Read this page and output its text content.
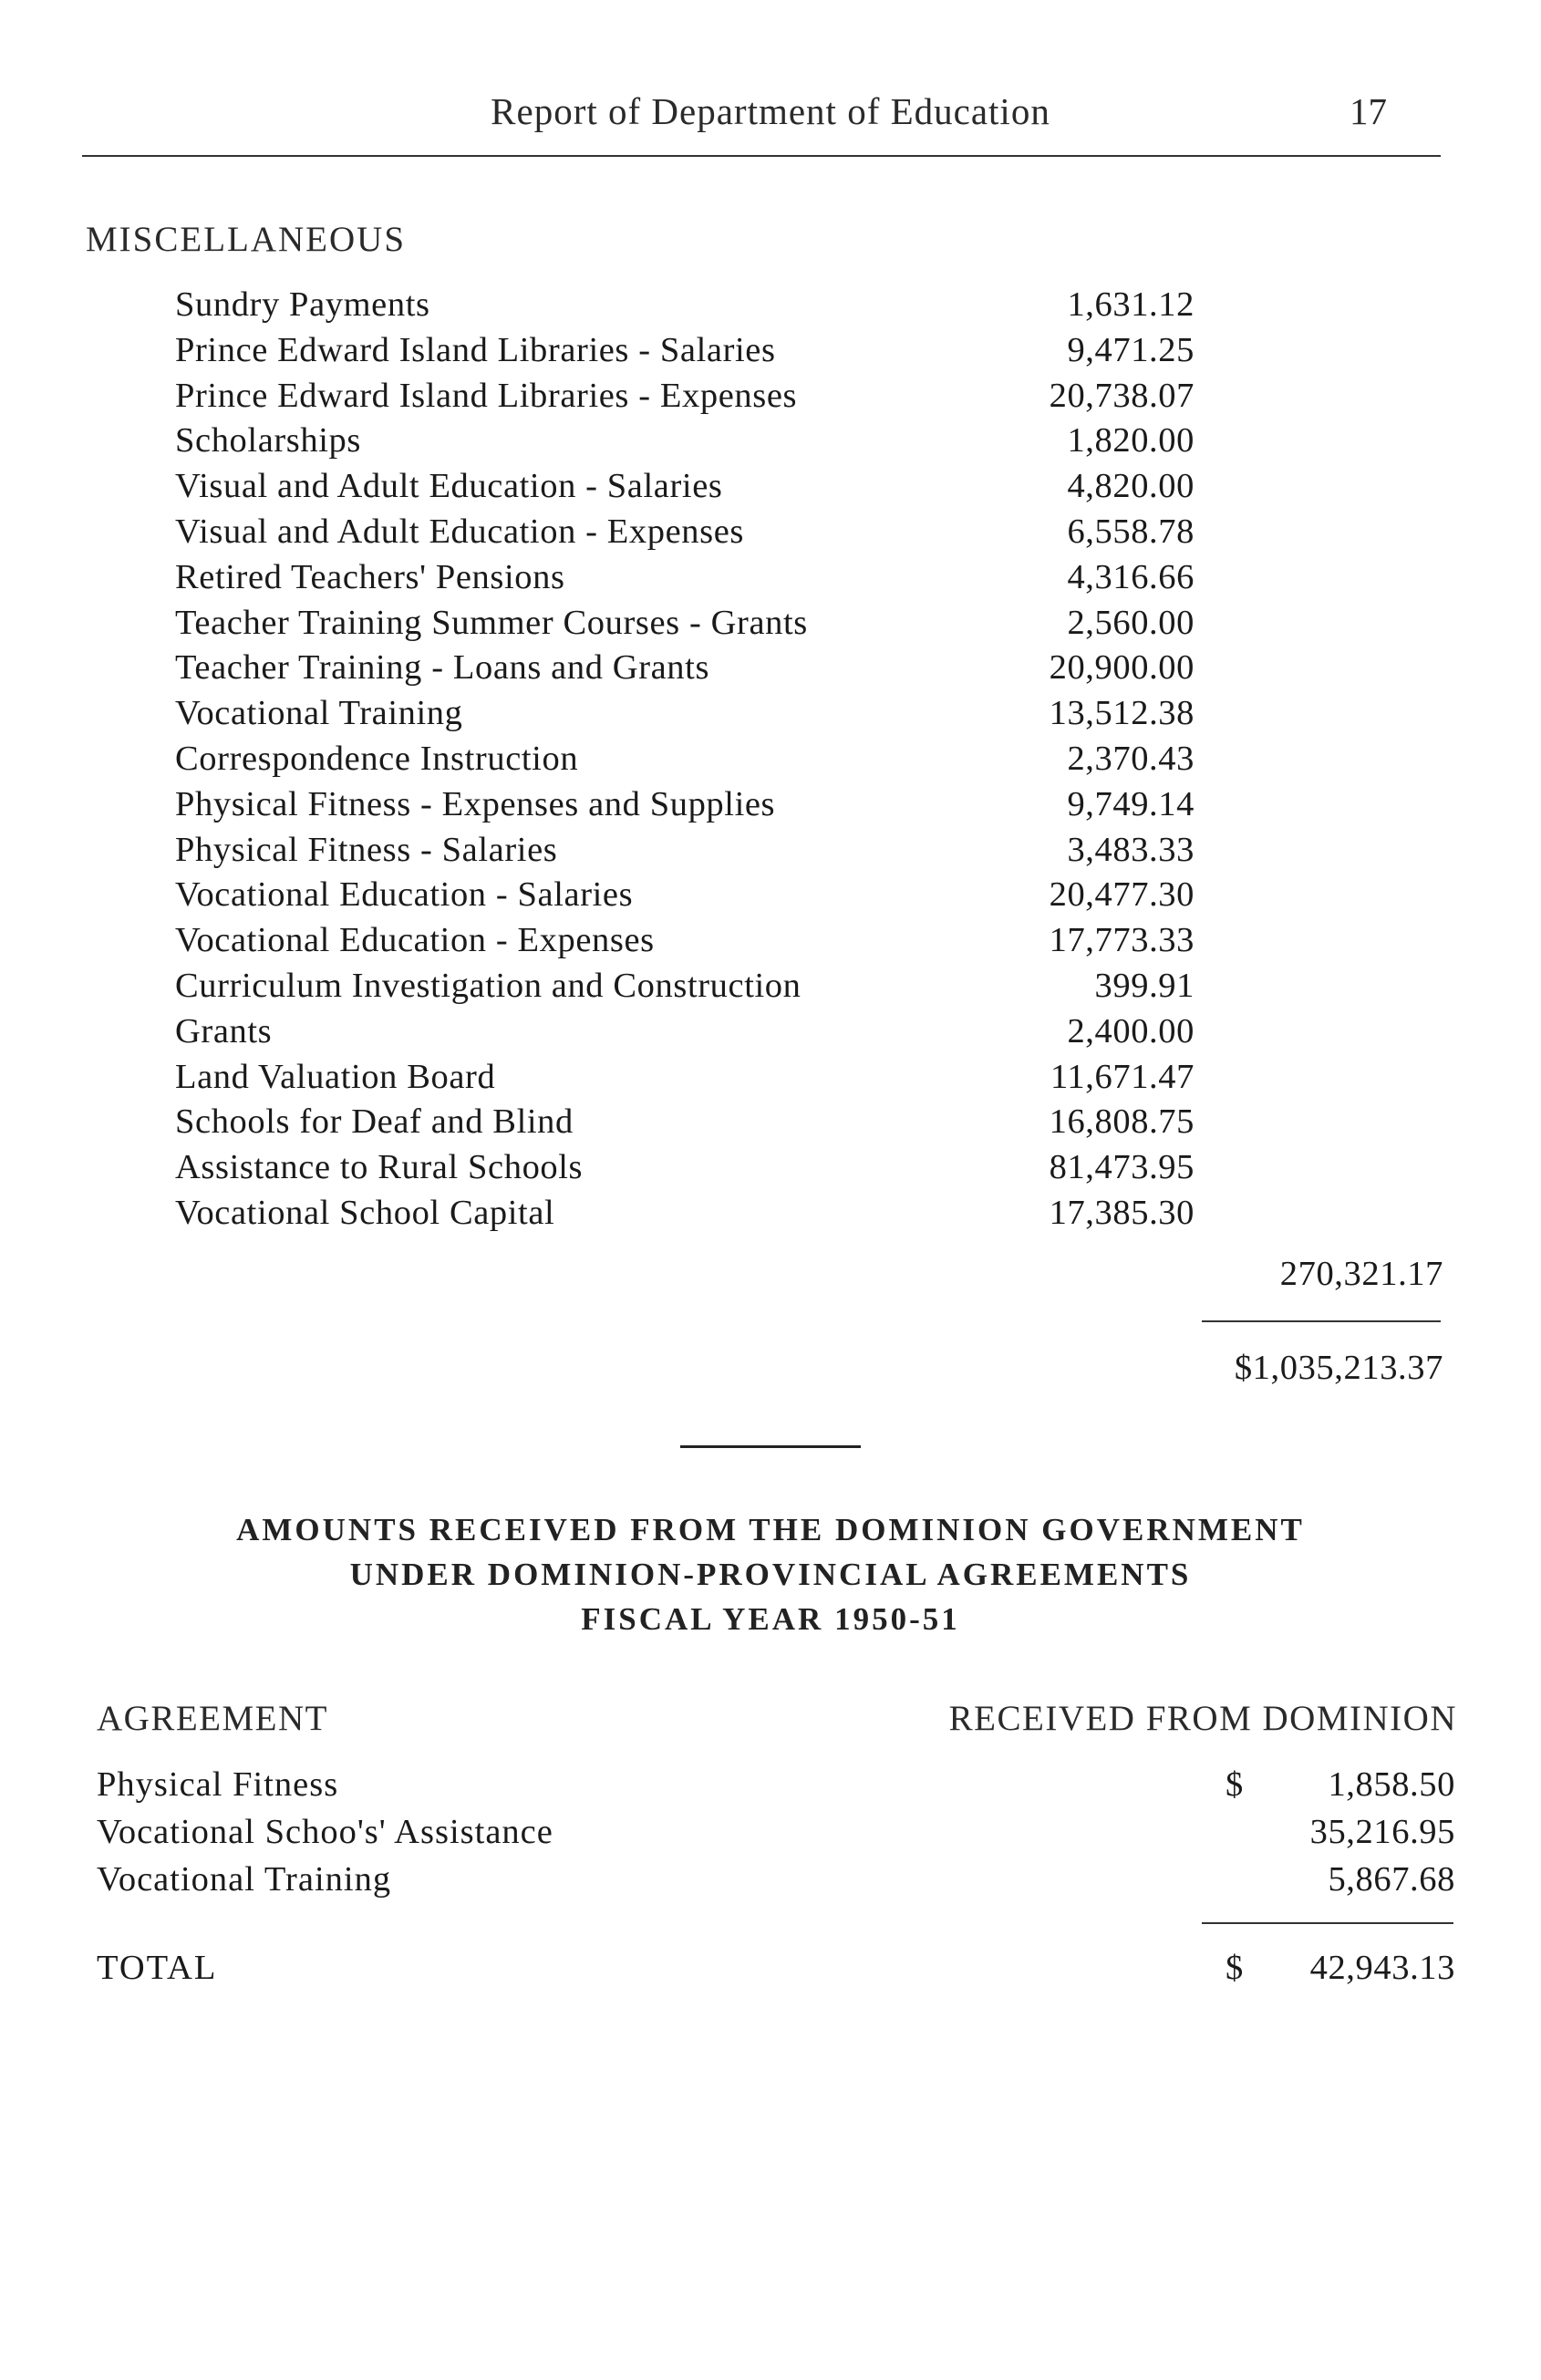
Report of Department of Education	17
MISCELLANEOUS
Sundry Payments	1,631.12
Prince Edward Island Libraries - Salaries	9,471.25
Prince Edward Island Libraries - Expenses	20,738.07
Scholarships	1,820.00
Visual and Adult Education - Salaries	4,820.00
Visual and Adult Education - Expenses	6,558.78
Retired Teachers' Pensions	4,316.66
Teacher Training Summer Courses - Grants	2,560.00
Teacher Training - Loans and Grants	20,900.00
Vocational Training	13,512.38
Correspondence Instruction	2,370.43
Physical Fitness - Expenses and Supplies	9,749.14
Physical Fitness - Salaries	3,483.33
Vocational Education - Salaries	20,477.30
Vocational Education - Expenses	17,773.33
Curriculum Investigation and Construction	399.91
Grants	2,400.00
Land Valuation Board	11,671.47
Schools for Deaf and Blind	16,808.75
Assistance to Rural Schools	81,473.95
Vocational School Capital	17,385.30
270,321.17
$1,035,213.37
AMOUNTS RECEIVED FROM THE DOMINION GOVERNMENT
UNDER DOMINION-PROVINCIAL AGREEMENTS
FISCAL YEAR 1950-51
AGREEMENT	RECEIVED FROM DOMINION
Physical Fitness	$	1,858.50
Vocational Schoo's' Assistance	35,216.95
Vocational Training	5,867.68
TOTAL	$	42,943.13
